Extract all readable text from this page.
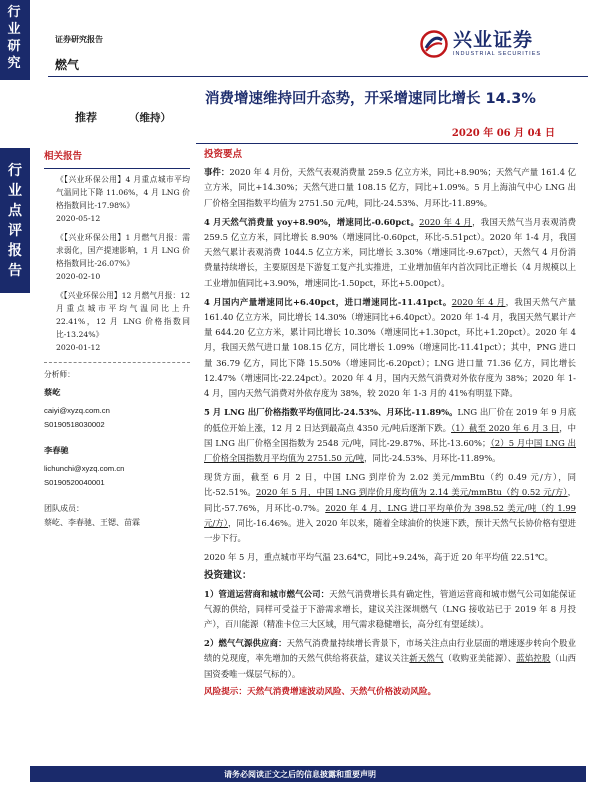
行
业
研
究
行
业
点
评
报
告
证券研究报告
燃气
兴业证券
INDUSTRIAL SECURITIES
推荐	（维持）
消费增速维持回升态势，开采增速同比增长 14.3%
2020 年 06 月 04 日
相关报告
《【兴业环保公用】4 月重点城市平均气温同比下降 11.06%，4 月 LNG 价格指数同比-17.98%》
2020-05-12
《【兴业环保公用】1 月燃气月报：需求弱化，国产提速影响，1 月 LNG 价格指数同比-26.07%》
2020-02-10
《【兴业环保公用】12 月燃气月报：12 月重点城市平均气温同比上升 22.41%，12 月 LNG 价格指数同比-13.24%》
2020-01-12
分析师：
蔡屹
caiyi@xyzq.com.cn
S0190518030002
李春驰
lichunchi@xyzq.com.cn
S0190520040001
团队成员：
蔡屹、李春驰、王锶、苗霖
投资要点

事件：2020 年 4 月份，天然气表观消费量 259.5 亿立方米，同比+8.90%；天然气产量 161.4 亿立方米，同比+14.30%；天然气进口量 108.15 亿方，同比+1.09%。5 月上海油气中心 LNG 出厂价格全国指数平均值为 2751.50 元/吨，同比-24.53%、月环比-11.89%。

4 月天然气消费量 yoy+8.90%，增速同比-0.60pct。2020 年 4 月，我国天然气当月表观消费 259.5 亿立方米，同比增长 8.90%（增速同比-0.60pct，环比-5.51pct）。2020 年 1-4 月，我国天然气累计表观消费 1044.5 亿立方米，同比增长 3.30%（增速同比-9.67pct），天然气 4 月份消费量持续增长，主要原因是下游复工复产扎实推进，工业增加值年内首次同比正增长（4 月规模以上工业增加值同比+3.90%，增速同比-1.50pct，环比+5.00pct）。

4 月国内产量增速同比+6.40pct，进口增速同比-11.41pct。2020 年 4 月，我国天然气产量 161.40 亿立方米，同比增长 14.30%（增速同比+6.40pct）。2020 年 1-4 月，我国天然气累计产量 644.20 亿立方米，累计同比增长 10.30%（增速同比+1.30pct，环比+1.20pct）。2020 年 4 月，我国天然气进口量 108.15 亿方，同比增长 1.09%（增速同比-11.41pct）；其中，PNG 进口量 36.79 亿方，同比下降 15.50%（增速同比-6.20pct）；LNG 进口量 71.36 亿方，同比增长 12.47%（增速同比-22.24pct）。2020 年 4 月，国内天然气消费对外依存度为 38%；2020 年 1-4 月，国内天然气消费对外依存度为 38%，较 2020 年 1-3 月的 41%有明显下降。

5 月 LNG 出厂价格指数平均值同比-24.53%、月环比-11.89%。LNG 出厂价在 2019 年 9 月底的低位开始上涨，12 月 2 日达到最高点 4350 元/吨后逐渐下跌。（1）截至 2020 年 6 月 3 日，中国 LNG 出厂价格全国指数为 2548 元/吨，同比-29.87%、环比-13.60%；（2）5 月中国 LNG 出厂价格全国指数月平均值为 2751.50 元/吨，同比-24.53%、月环比-11.89%。

现货方面，截至 6 月 2 日，中国 LNG 到岸价为 2.02 美元/mmBtu（约 0.49 元/方），同比-52.51%。2020 年 5 月，中国 LNG 到岸价月度均值为 2.14 美元/mmBtu（约 0.52 元/方），同比-57.76%，月环比-0.7%。2020 年 4 月，LNG 进口平均单价为 398.52 美元/吨（约 1.99 元/方），同比-16.46%。进入 2020 年以来，随着全球油价的快速下跌，预计天然气长协价格有望进一步下行。

2020 年 5 月，重点城市平均气温 23.64℃，同比+9.24%，高于近 20 年平均值 22.51℃。

投资建议：

1）管道运营商和城市燃气公司：天然气消费增长具有确定性，管道运营商和城市燃气公司如能保证气源的供给，同样可受益于下游需求增长，建议关注深圳燃气（LNG 接收站已于 2019 年 8 月投产），百川能源（精准卡位三大区域，用气需求稳健增长，高分红有望延续）。

2）燃气气源供应商：天然气消费量持续增长背景下，市场关注点由行业层面的增速逐步转向个股业绩的兑现度，率先增加的天然气供给将获益，建议关注新天然气（收购亚美能源）、蓝焰控股（山西国资委唯一煤层气标的）。

风险提示：天然气消费增速波动风险、天然气价格波动风险。
请务必阅读正文之后的信息披露和重要声明
